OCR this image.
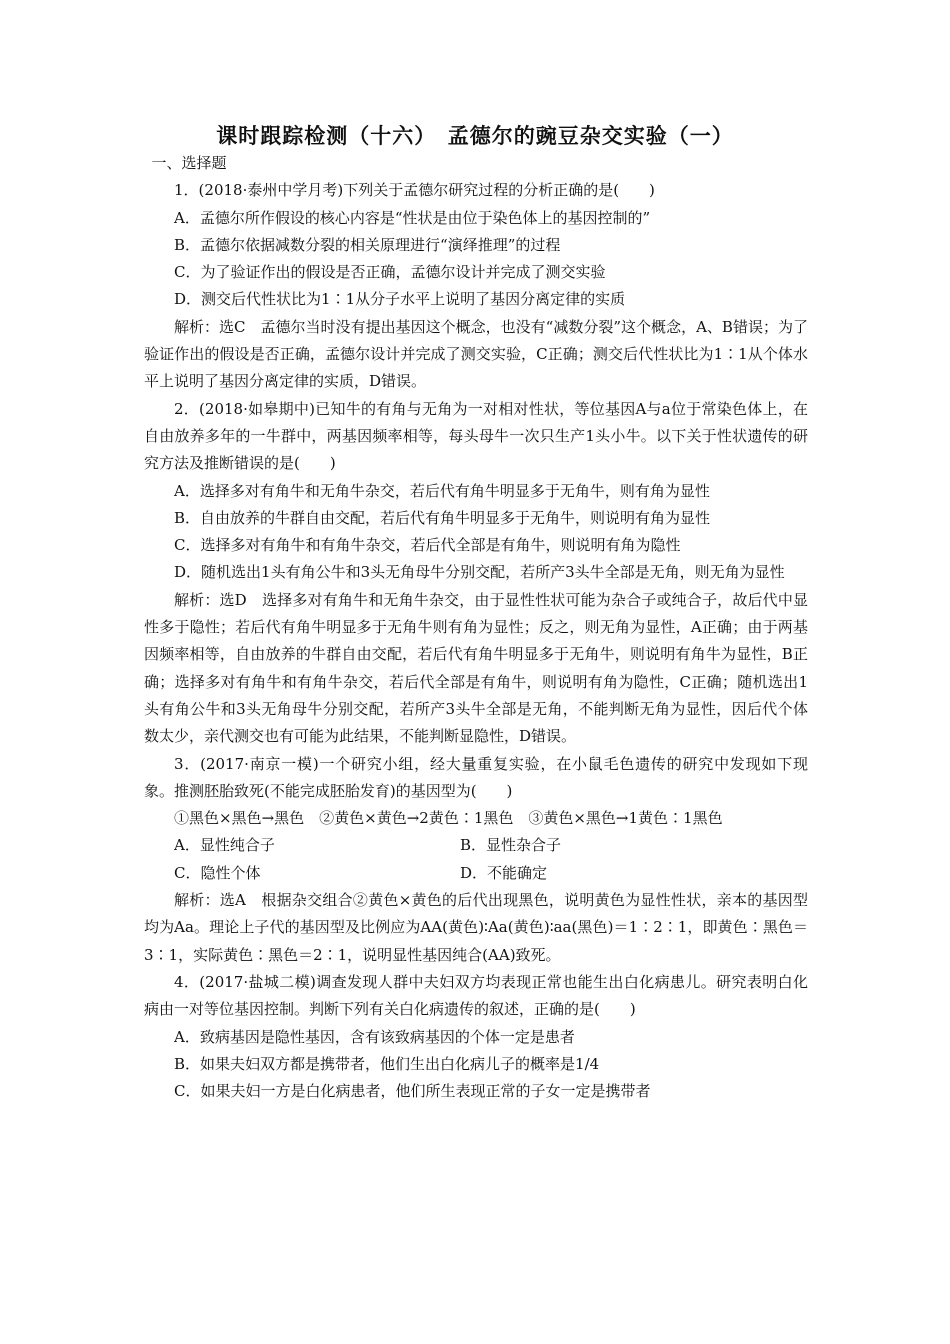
课时跟踪检测（十六）　孟德尔的豌豆杂交实验（一）

一、选择题

1．(2018·泰州中学月考)下列关于孟德尔研究过程的分析正确的是(　　)

A．孟德尔所作假设的核心内容是“性状是由位于染色体上的基因控制的”

B．孟德尔依据减数分裂的相关原理进行“演绎推理”的过程

C．为了验证作出的假设是否正确，孟德尔设计并完成了测交实验

D．测交后代性状比为1∶1从分子水平上说明了基因分离定律的实质

解析：选C　孟德尔当时没有提出基因这个概念，也没有“减数分裂”这个概念，A、B错误；为了验证作出的假设是否正确，孟德尔设计并完成了测交实验，C正确；测交后代性状比为1∶1从个体水平上说明了基因分离定律的实质，D错误。

2．(2018·如皋期中)已知牛的有角与无角为一对相对性状，等位基因A与a位于常染色体上，在自由放养多年的一牛群中，两基因频率相等，每头母牛一次只生产1头小牛。以下关于性状遗传的研究方法及推断错误的是(　　)

A．选择多对有角牛和无角牛杂交，若后代有角牛明显多于无角牛，则有角为显性

B．自由放养的牛群自由交配，若后代有角牛明显多于无角牛，则说明有角为显性

C．选择多对有角牛和有角牛杂交，若后代全部是有角牛，则说明有角为隐性

D．随机选出1头有角公牛和3头无角母牛分别交配，若所产3头牛全部是无角，则无角为显性

解析：选D　选择多对有角牛和无角牛杂交，由于显性性状可能为杂合子或纯合子，故后代中显性多于隐性；若后代有角牛明显多于无角牛则有角为显性；反之，则无角为显性，A正确；由于两基因频率相等，自由放养的牛群自由交配，若后代有角牛明显多于无角牛，则说明有角牛为显性，B正确；选择多对有角牛和有角牛杂交，若后代全部是有角牛，则说明有角为隐性，C正确；随机选出1头有角公牛和3头无角母牛分别交配，若所产3头牛全部是无角，不能判断无角为显性，因后代个体数太少，亲代测交也有可能为此结果，不能判断显隐性，D错误。

3．(2017·南京一模)一个研究小组，经大量重复实验，在小鼠毛色遗传的研究中发现如下现象。推测胚胎致死(不能完成胚胎发育)的基因型为(　　)

①黑色×黑色→黑色　②黄色×黄色→2黄色∶1黑色　③黄色×黑色→1黄色∶1黑色

A．显性纯合子	B．显性杂合子
C．隐性个体	D．不能确定

解析：选A　根据杂交组合②黄色×黄色的后代出现黑色，说明黄色为显性性状，亲本的基因型均为Aa。理论上子代的基因型及比例应为AA(黄色)∶Aa(黄色)∶aa(黑色)＝1∶2∶1，即黄色∶黑色＝3∶1，实际黄色∶黑色＝2∶1，说明显性基因纯合(AA)致死。

4．(2017·盐城二模)调查发现人群中夫妇双方均表现正常也能生出白化病患儿。研究表明白化病由一对等位基因控制。判断下列有关白化病遗传的叙述，正确的是(　　)

A．致病基因是隐性基因，含有该致病基因的个体一定是患者

B．如果夫妇双方都是携带者，他们生出白化病儿子的概率是1/4

C．如果夫妇一方是白化病患者，他们所生表现正常的子女一定是携带者
